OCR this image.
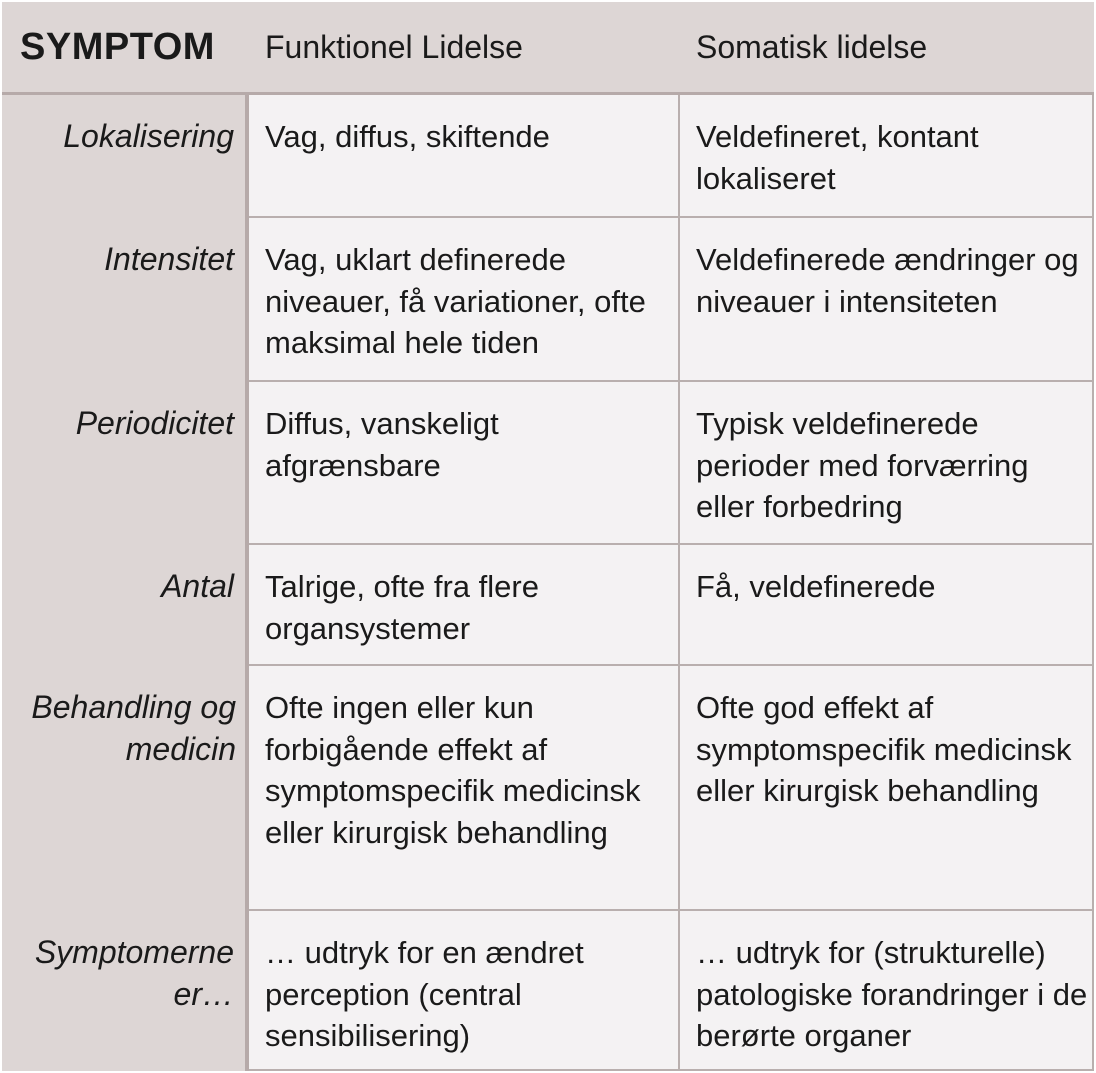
SYMPTOM Funktionel Lidelse	Somatisk lidelse
Lokalisering Vag, diffus, skiftende	Veldefineret, kontant lokaliseret
Intensitet Vag, uklart definerede niveauer, få variationer, ofte maksimal hele tiden
Veldefinerede ændringer og niveauer i intensiteten
Periodicitet Diffus, vanskeligt afgrænsbare
Typisk veldefinerede perioder med forværring eller forbedring
Antal Talrige, ofte fra flere organsystemer
Få, veldefinerede
Behandling og medicin
Ofte ingen eller kun forbigående effekt af symptomspecifik medicinsk eller kirurgisk behandling
Ofte god effekt af symptomspecifik medicinsk eller kirurgisk behandling
Symptomerne er…
… udtryk for en ændret perception (central sensibilisering)
… udtryk for (strukturelle) patologiske forandringer i de berørte organer
